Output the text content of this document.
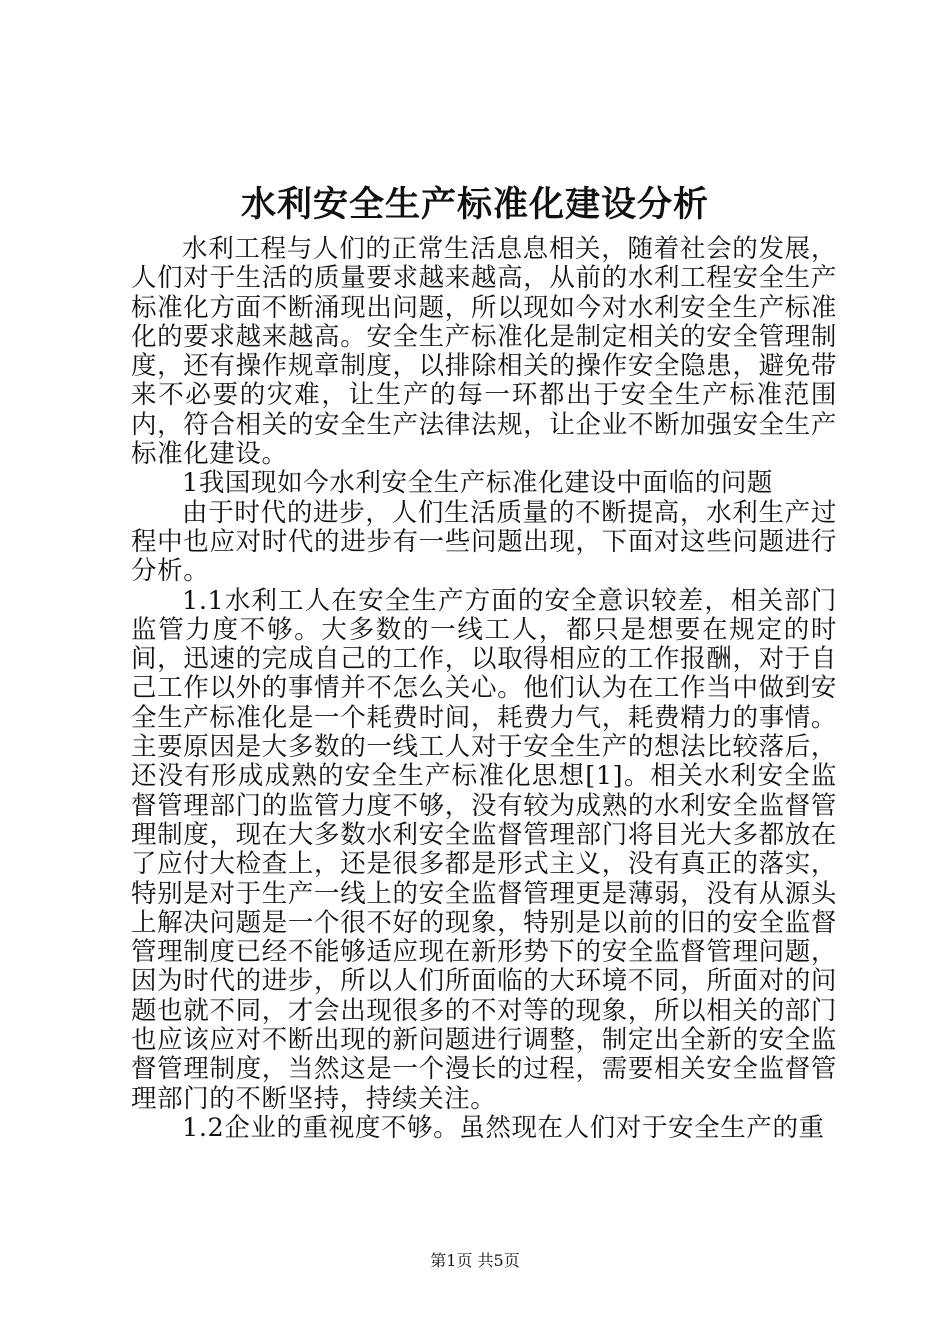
水利安全生产标准化建设分析

水利工程与人们的正常生活息息相关，随着社会的发展，人们对于生活的质量要求越来越高，从前的水利工程安全生产标准化方面不断涌现出问题，所以现如今对水利安全生产标准化的要求越来越高。安全生产标准化是制定相关的安全管理制度，还有操作规章制度，以排除相关的操作安全隐患，避免带来不必要的灾难，让生产的每一环都出于安全生产标准范围内，符合相关的安全生产法律法规，让企业不断加强安全生产标准化建设。

1我国现如今水利安全生产标准化建设中面临的问题

由于时代的进步，人们生活质量的不断提高，水利生产过程中也应对时代的进步有一些问题出现，下面对这些问题进行分析。

1.1水利工人在安全生产方面的安全意识较差，相关部门监管力度不够。大多数的一线工人，都只是想要在规定的时间，迅速的完成自己的工作，以取得相应的工作报酬，对于自己工作以外的事情并不怎么关心。他们认为在工作当中做到安全生产标准化是一个耗费时间，耗费力气，耗费精力的事情。主要原因是大多数的一线工人对于安全生产的想法比较落后，还没有形成成熟的安全生产标准化思想[1]。相关水利安全监督管理部门的监管力度不够，没有较为成熟的水利安全监督管理制度，现在大多数水利安全监督管理部门将目光大多都放在了应付大检查上，还是很多都是形式主义，没有真正的落实，特别是对于生产一线上的安全监督管理更是薄弱，没有从源头上解决问题是一个很不好的现象，特别是以前的旧的安全监督管理制度已经不能够适应现在新形势下的安全监督管理问题，因为时代的进步，所以人们所面临的大环境不同，所面对的问题也就不同，才会出现很多的不对等的现象，所以相关的部门也应该应对不断出现的新问题进行调整，制定出全新的安全监督管理制度，当然这是一个漫长的过程，需要相关安全监督管理部门的不断坚持，持续关注。

1.2企业的重视度不够。虽然现在人们对于安全生产的重

第1页 共5页
